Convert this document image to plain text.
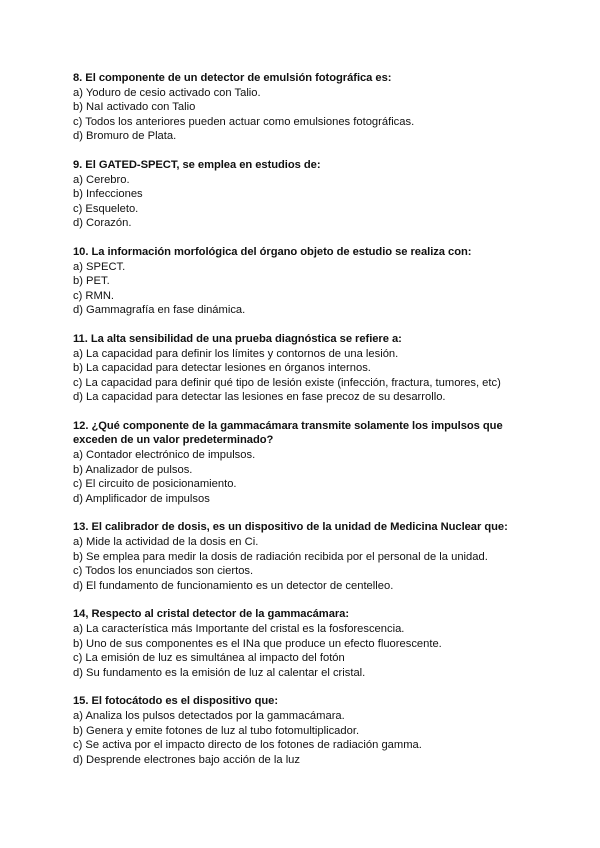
8. El componente de un detector de emulsión fotográfica es:

a) Yoduro de cesio activado con Talio.

b) NaI activado con Talio

c) Todos los anteriores pueden actuar como emulsiones fotográficas.

d) Bromuro de Plata.

9. El GATED-SPECT, se emplea en estudios de:

a) Cerebro.

b) Infecciones

c) Esqueleto.

d) Corazón.

10. La información morfológica del órgano objeto de estudio se realiza con:

a) SPECT.

b) PET.

c) RMN.

d) Gammagrafía en fase dinámica.

11. La alta sensibilidad de una prueba diagnóstica se refiere a:

a) La capacidad para definir los límites y contornos de una lesión.

b) La capacidad para detectar lesiones en órganos internos.

c) La capacidad para definir qué tipo de lesión existe (infección, fractura, tumores, etc)

d) La capacidad para detectar las lesiones en fase precoz de su desarrollo.

12. ¿Qué componente de la gammacámara transmite solamente los impulsos que exceden de un valor predeterminado?

a) Contador electrónico de impulsos.

b) Analizador de pulsos.

c) El circuito de posicionamiento.

d) Amplificador de impulsos

13. El calibrador de dosis, es un dispositivo de la unidad de Medicina Nuclear que:

a) Mide la actividad de la dosis en Ci.

b) Se emplea para medir la dosis de radiación recibida por el personal de la unidad.

c) Todos los enunciados son ciertos.

d) El fundamento de funcionamiento es un detector de centelleo.

14, Respecto al cristal detector de la gammacámara:

a) La característica más Importante del cristal es la fosforescencia.

b) Uno de sus componentes es el INa que produce un efecto fluorescente.

c) La emisión de luz es simultánea al impacto del fotón

d) Su fundamento es la emisión de luz al calentar el cristal.

15. El fotocátodo es el dispositivo que:

a) Analiza los pulsos detectados por la gammacámara.

b) Genera y emite fotones de luz al tubo fotomultiplicador.

c) Se activa por el impacto directo de los fotones de radiación gamma.

d) Desprende electrones bajo acción de la luz
